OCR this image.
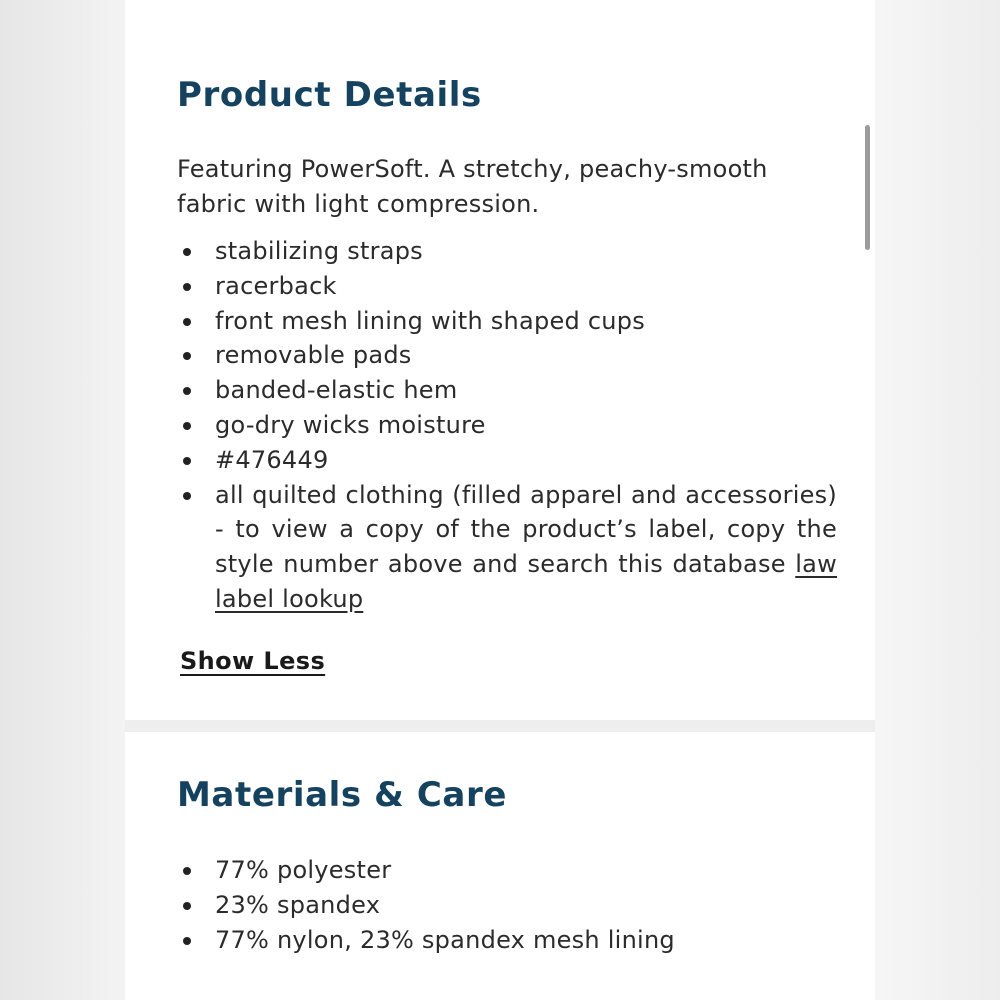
Product Details

Featuring PowerSoft. A stretchy, peachy-smooth fabric with light compression.

stabilizing straps
racerback
front mesh lining with shaped cups
removable pads
banded-elastic hem
go-dry wicks moisture
#476449
all quilted clothing (filled apparel and accessories) - to view a copy of the product’s label, copy the style number above and search this database law label lookup
Show Less
Materials & Care
77% polyester
23% spandex
77% nylon, 23% spandex mesh lining
